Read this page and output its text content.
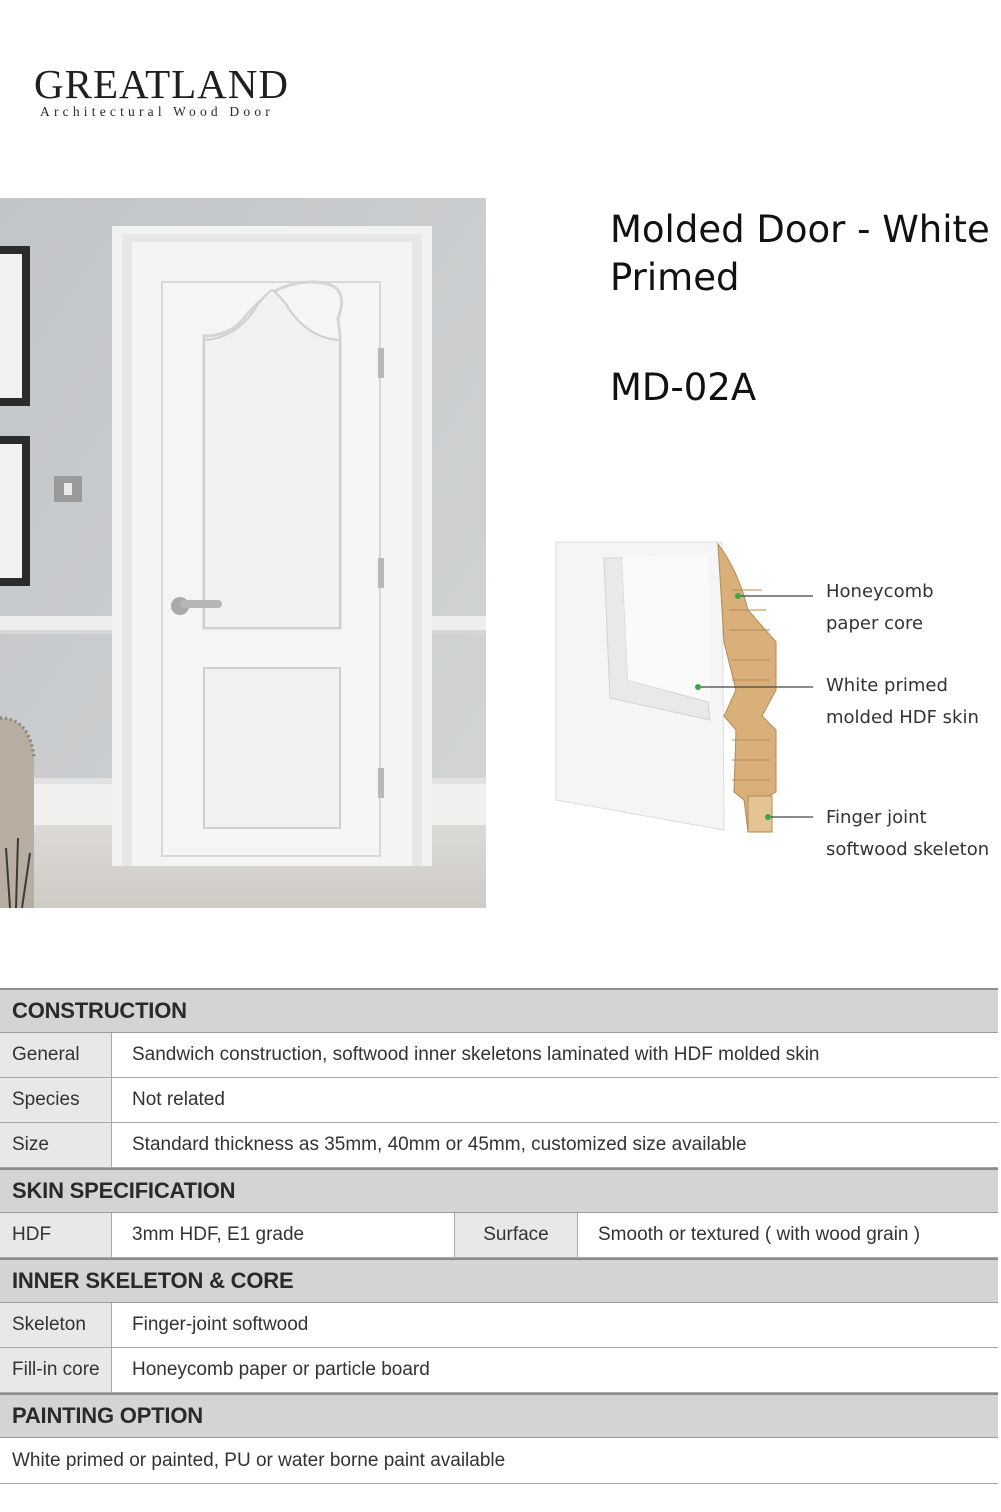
GREATLAND
Architectural Wood Door
Molded Door - White Primed
MD-02A
Honeycomb
paper core
White primed
molded HDF skin
Finger joint
softwood skeleton
CONSTRUCTION
General	Sandwich construction, softwood inner skeletons laminated with HDF molded skin
Species	Not related
Size	Standard thickness as 35mm, 40mm or 45mm, customized size available
SKIN SPECIFICATION
HDF	3mm HDF, E1 grade	Surface	Smooth or textured ( with wood grain )
INNER SKELETON & CORE
Skeleton	Finger-joint softwood
Fill-in core	Honeycomb paper or particle board
PAINTING OPTION
White primed or painted, PU or water borne paint available
